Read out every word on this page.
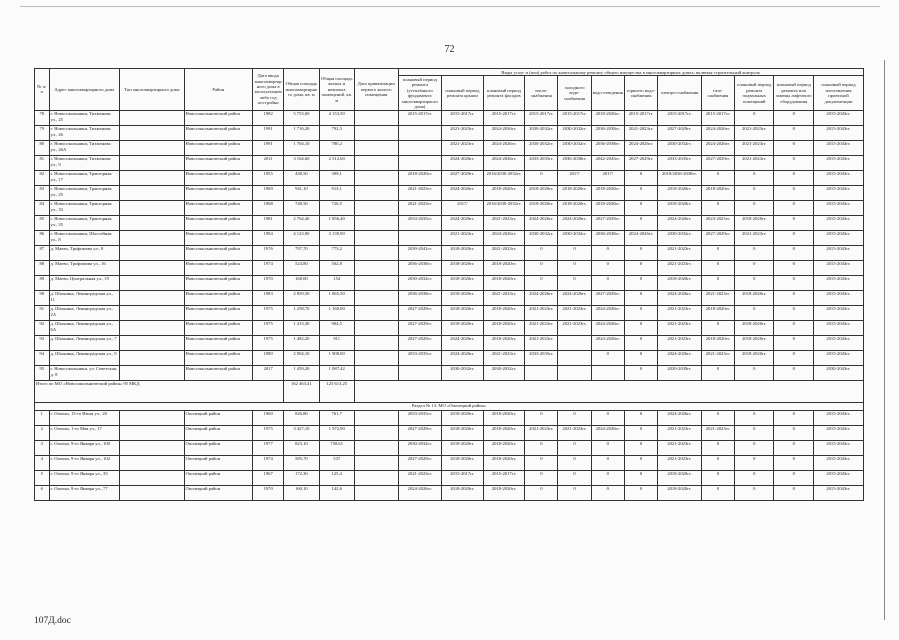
72
№ п/п	Адрес многоквартирного дома	Тип многоквартирного дома	Район	Дата ввода многоквартирного дома в эксплуатацию либо год постройки	Общая площадь многоквартирного дома, кв. м	Общая площадь жилых и нежилых помещений, кв. м	Дата приватизации первого жилого помещения	Виды услуг и (или) работ по капитальному ремонту общего имущества в многоквартирных домах, включая строительный контроль											
								плановый период ремонта (утеплённого фундамента многоквартирного дома)	плановый период ремонта крыши	плановый период ремонта фасадов	тепло-снабжения	холодного водо-снабжения	водо-отведения	горячего водо-снабжения	электро-снабжения	газо-снабжения	плановый период ремонта подвальных помещений	плановый период ремонта или замены лифтового оборудования	плановый период изготовления проектной документации
78	г. Новосокольники, Тихменова ул., 25		Новосокольнический район	1982	5 753,00	4 153,50		2015-2017гг.	2015-2017гг.	2015-2017гг.	2015-2017гг.	2015-2017гг.	2018-2020гг.	2015-2017гг.	2015-2017гг.	2015-2017гг.	0	0	2015-2043гг.
79	г. Новосокольники, Тихменова ул., 26		Новосокольнический район	1991	1 716,20	792,3			2021-2023гг.	2024-2026гг.	2030-2032гг.	2030-2032гг.	2036-2038гг.	2021-2023гг.	2027-2029гг.	2024-2026гг.	2021-2023гг.	0	2015-2043гг.
80	г. Новосокольники, Тихменова ул., 26А		Новосокольнический район	1991	1 704,10	780,2			2021-2023гг.	2024-2026гг.	2030-2032гг.	2030-2032гг.	2036-2038гг.	2024-2026гг.	2030-2032гг.	2024-2026гг.	2021-2023гг.	0	2015-2043гг.
81	г. Новосокольники, Тихменова ул., 9		Новосокольнический район	2011	3 164,60	2 512,60			2024-2026гг.	2024-2026гг.	2033-2035гг.	2036-2038гг.	2042-2043гг.	2027-2029гг.	2033-2035гг.	2027-2029гг.	2021-2023гг.	0	2015-2043гг.
82	г. Новосокольники, Тракторная ул., 17		Новосокольнический район	1955	438,50	399,1		2018-2020гг.	2027-2029гг.	2016/2030-2032гг.	0	2017/	2017/	0	2018/2036-2038гг.	0	0	0	2015-2043гг.
83	г. Новосокольники, Тракторная ул., 25		Новосокольнический район	1969	941,10	913,1		2021-2023гг.	2024-2026гг.	2018-2020гг.	2018-2020гг.	2018-2020гг.	2018-2020гг.	0	2018-2020гг.	2018-2020гг.	0	0	2015-2043гг.
84	г. Новосокольники, Тракторная ул., 33		Новосокольнический район	1968	748,50	726,5		2021-2023гг.	2017/	2016/2030-2032гг.	2018-2020гг.	2018-2020гг.	2018-2020гг.	0	2018-2020гг.	0	0	0	2015-2043гг.
85	г. Новосокольники, Тракторная ул., 35		Новосокольнический район	1981	2 764,40	1 856,40		2033-2035гг.	2024-2026гг.	2021-2023гг.	2024-2026гг.	2024-2026гг.	2027-2029гг.	0	2024-2026гг.	2023-2025гг.	2018-2020гг.	0	2015-2043гг.
86	г. Новосокольники, Шоссейная ул., 8		Новосокольнический район	1994	4 123,90	3 139,90			2021-2023гг.	2024-2026гг.	2030-2032гг.	2030-2032гг.	2036-2038гг.	2024-2026гг.	2030-2032гг.	2027-2029гг.	2021-2023гг.	0	2015-2043гг.
87	д. Маево, Трофимова ул., 8		Новосокольнический район	1976	797,70	773,2		2039-2041гг.	2018-2020гг.	2021-2023гг.	0	0	0	0	2021-2023гг.	0	0	0	2015-2043гг.
88	д. Маево, Трофимова ул., 16		Новосокольнический район	1974	524,80	502,8		2036-2038гг.	2018-2020гг.	2018-2020гг.	0	0	0	0	2021-2023гг.	0	0	0	2015-2043гг.
89	д. Маево, Центральная ул., 19		Новосокольнический район	1970	168,00	154		2030-2032гг.	2018-2020гг.	2018-2020гг.	0	0	0	0	2018-2020гг.	0	0	0	2015-2043гг.
90	д. Шахнина, Ленинградская ул., 11		Новосокольнический район	1983	2 859,50	1 865,50		2036-2038гг.	2018-2020гг.	2021-2023гг.	2024-2026гг.	2024-2026гг.	2027-2029гг.	0	2024-2026гг.	2021-2023гг.	2018-2020гг.	0	2015-2043гг.
91	д. Шахнина, Ленинградская ул., 2А		Новосокольнический район	1975	1 258,70	1 160,00		2027-2029гг.	2018-2020гг.	2018-2020гг.	2021-2023гг.	2021-2023гг.	2024-2026гг.	0	2021-2023гг.	2018-2020гг.	0	0	2015-2043гг.
92	д. Шахнина, Ленинградская ул., 6А		Новосокольнический район	1975	1 413,30	904,5		2027-2029гг.	2018-2020гг.	2018-2020гг.	2021-2023гг.	2021-2023гг.	2024-2026гг.	0	2021-2023гг.	0	2018-2020гг.	0	2015-2043гг.
93	д. Шахнина, Ленинградская ул., 7		Новосокольнический район	1975	1 482,20	911		2027-2029гг.	2024-2026гг.	2018-2020гг.	2021-2023гг.		2024-2026гг.	0	2021-2023гг.	2018-2020гг.	2018-2020гг.	0	2015-2043гг.
94	д. Шахнина, Ленинградская ул., 9		Новосокольнический район	1980	2 904,10	1 908,00		2033-2035гг.	2024-2026гг.	2021-2023гг.	2033-2035гг.		0	0	2024-2026гг.	2021-2023гг.	2018-2020гг.	0	2015-2043гг.
95	г. Новосокольники, ул. Советская, д. 8		Новосокольнический район	2017	1 459,20	1 087,42			2030-2032гг.	2030-2032гг.				0	2030-2039гг.	0	0	0	2030-2043гг.
Итого по МО «Новосокольнический район» 95 МКД					162 463,41	125 613,25													
Раздел № 13. МО «Опочецкий район»																			
1	г. Опочка, 15-го Июля ул., 20		Опочецкий район	1960	826,80	761,7		2033-2035гг.	2018-2020гг.	2018-2020гг.	0	0	0	0	2024-2026гг.	0	0	0	2015-2043гг.
2	г. Опочка, 1-го Мая ул., 17		Опочецкий район	1975	3 427,10	1 972,90		2027-2029гг.	2018-2020гг.	2018-2020гг.	2021-2023гг.	2021-2023гг.	2024-2026гг.	0	2021-2023гг.	2021-2023гг.	0	0	2015-2043гг.
3	г. Опочка, 9-го Января ул., 100		Опочецкий район	1977	823,10	758,61		2030-2032гг.	2018-2020гг.	2018-2020гг.	0	0	0	0	2021-2023гг.	0	0	0	2015-2043гг.
4	г. Опочка, 9-го Января ул., 102		Опочецкий район	1974	585,70	537		2027-2029гг.	2018-2020гг.	2018-2020гг.	0	0	0	0	2021-2023гг.	0	0	0	2015-2043гг.
5	г. Опочка, 9-го Января ул., 35		Опочецкий район	1967	172,30	125,4		2021-2023гг.	2015-2017гг.	2015-2017гг.	0	0	0	0	2018-2020гг.	0	0	0	2015-2043гг.
6	г. Опочка, 9-го Января ул., 77		Опочецкий район	1970	160,10	142,6		2024-2026гг.	2018-2020гг.	2018-2020гг.	0	0	0	0	2018-2020гг.	0	0	0	2015-2043гг.
107Д.doc
